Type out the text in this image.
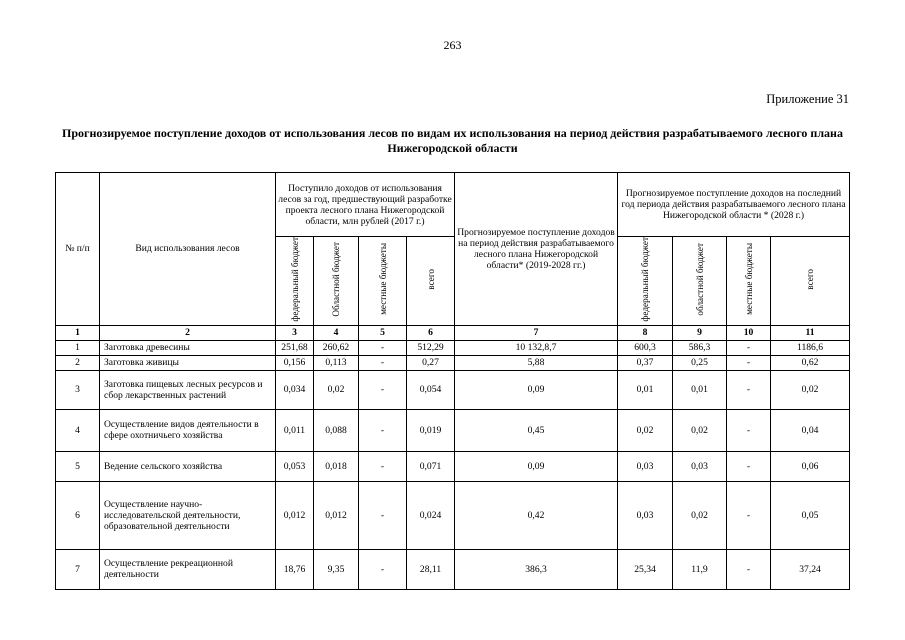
263
Приложение 31
Прогнозируемое поступление доходов от использования лесов по видам их использования на период действия разрабатываемого лесного плана Нижегородской области
№ п/п	Вид использования лесов	Поступило доходов от использования лесов за год, предшествующий разработке проекта лесного плана Нижегородской области, млн рублей (2017 г.)				Прогнозируемое поступление доходов на период действия разрабатываемого лесного плана Нижегородской области* (2019-2028 гг.)	Прогнозируемое поступление доходов на последний год периода действия разрабатываемого лесного плана Нижегородской области * (2028 г.)			
		федеральный бюджет	Областной бюджет	местные бюджеты	всего		федеральный бюджет	областной бюджет	местные бюджеты	всего
1	2	3	4	5	6	7	8	9	10	11
1	Заготовка древесины	251,68	260,62	-	512,29	10 132,8,7	600,3	586,3	-	1186,6
2	Заготовка живицы	0,156	0,113	-	0,27	5,88	0,37	0,25	-	0,62
3	Заготовка пищевых лесных ресурсов и сбор лекарственных растений	0,034	0,02	-	0,054	0,09	0,01	0,01	-	0,02
4	Осуществление видов деятельности в сфере охотничьего хозяйства	0,011	0,088	-	0,019	0,45	0,02	0,02	-	0,04
5	Ведение сельского хозяйства	0,053	0,018	-	0,071	0,09	0,03	0,03	-	0,06
6	Осуществление научно-исследовательской деятельности, образовательной деятельности	0,012	0,012	-	0,024	0,42	0,03	0,02	-	0,05
7	Осуществление рекреационной деятельности	18,76	9,35	-	28,11	386,3	25,34	11,9	-	37,24
